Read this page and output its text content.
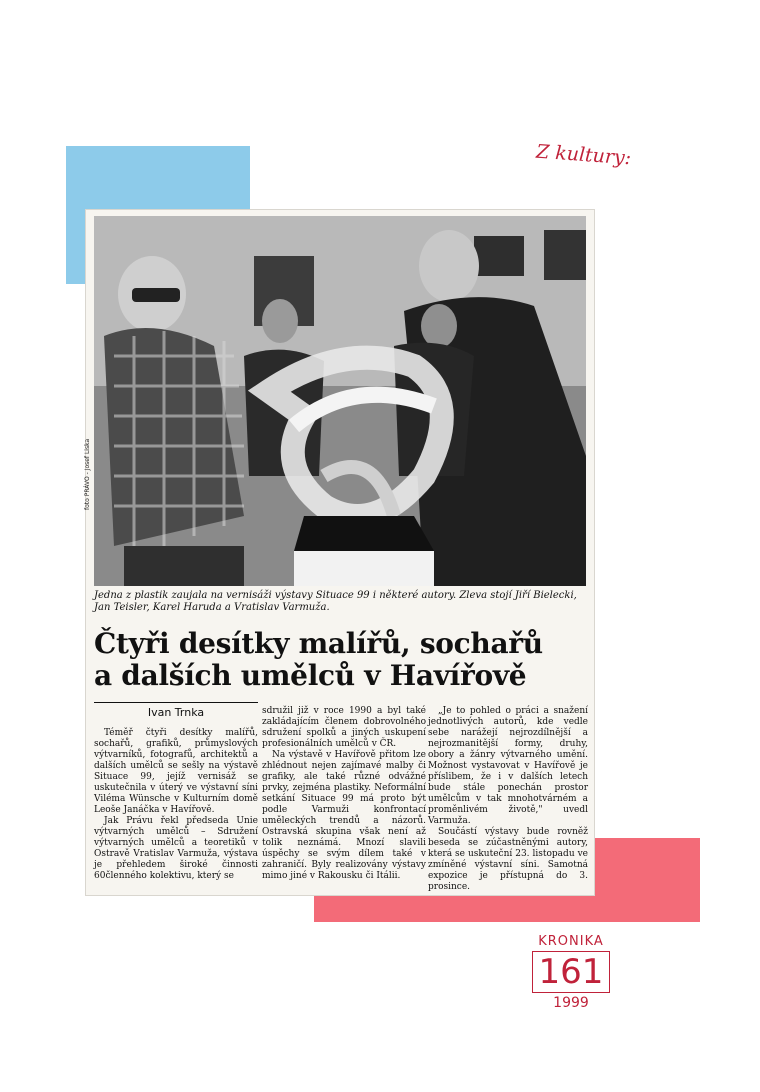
Z kultury:
foto PRÁVO - Josef Liska
Jedna z plastik zaujala na vernisáži výstavy Situace 99 i některé autory. Zleva stojí Jiří Bielecki, Jan Teisler, Karel Haruda a Vratislav Varmuža.
Čtyři desítky malířů, sochařů
a dalších umělců v Havířově
Ivan Trnka

Téměř čtyři desítky malířů, sochařů, grafiků, průmyslových výtvarníků, fotografů, architektů a dalších umělců se sešly na výstavě Situace 99, jejíž vernisáž se uskutečnila v úterý ve výstavní síni Viléma Wünsche v Kulturním domě Leoše Janáčka v Havířově.

Jak Právu řekl předseda Unie výtvarných umělců – Sdružení výtvarných umělců a teoretiků v Ostravě Vratislav Varmuža, výstava je přehledem široké činnosti 60členného kolektivu, který se

sdružil již v roce 1990 a byl také zakládajícím členem dobrovolného sdružení spolků a jiných uskupení profesionálních umělců v ČR.

Na výstavě v Havířově přitom lze zhlédnout nejen zajímavé malby či grafiky, ale také různé odvážné prvky, zejména plastiky. Neformální setkání Situace 99 má proto být podle Varmuži konfrontací uměleckých trendů a názorů. Ostravská skupina však není až tolik neznámá. Mnozí slavili úspěchy se svým dílem také v zahraničí. Byly realizovány výstavy mimo jiné v Rakousku či Itálii.

„Je to pohled o práci a snažení jednotlivých autorů, kde vedle sebe narážejí nejrozdílnější a nejrozmanitější formy, druhy, obory a žánry výtvarného umění. Možnost vystavovat v Havířově je příslibem, že i v dalších letech bude stále ponechán prostor umělcům v tak mnohotvárném a proměnlivém životě," uvedl Varmuža.

Součástí výstavy bude rovněž beseda se zúčastněnými autory, která se uskuteční 23. listopadu ve zmíněné výstavní síni. Samotná expozice je přístupná do 3. prosince.

KRONIKA
161
1999
